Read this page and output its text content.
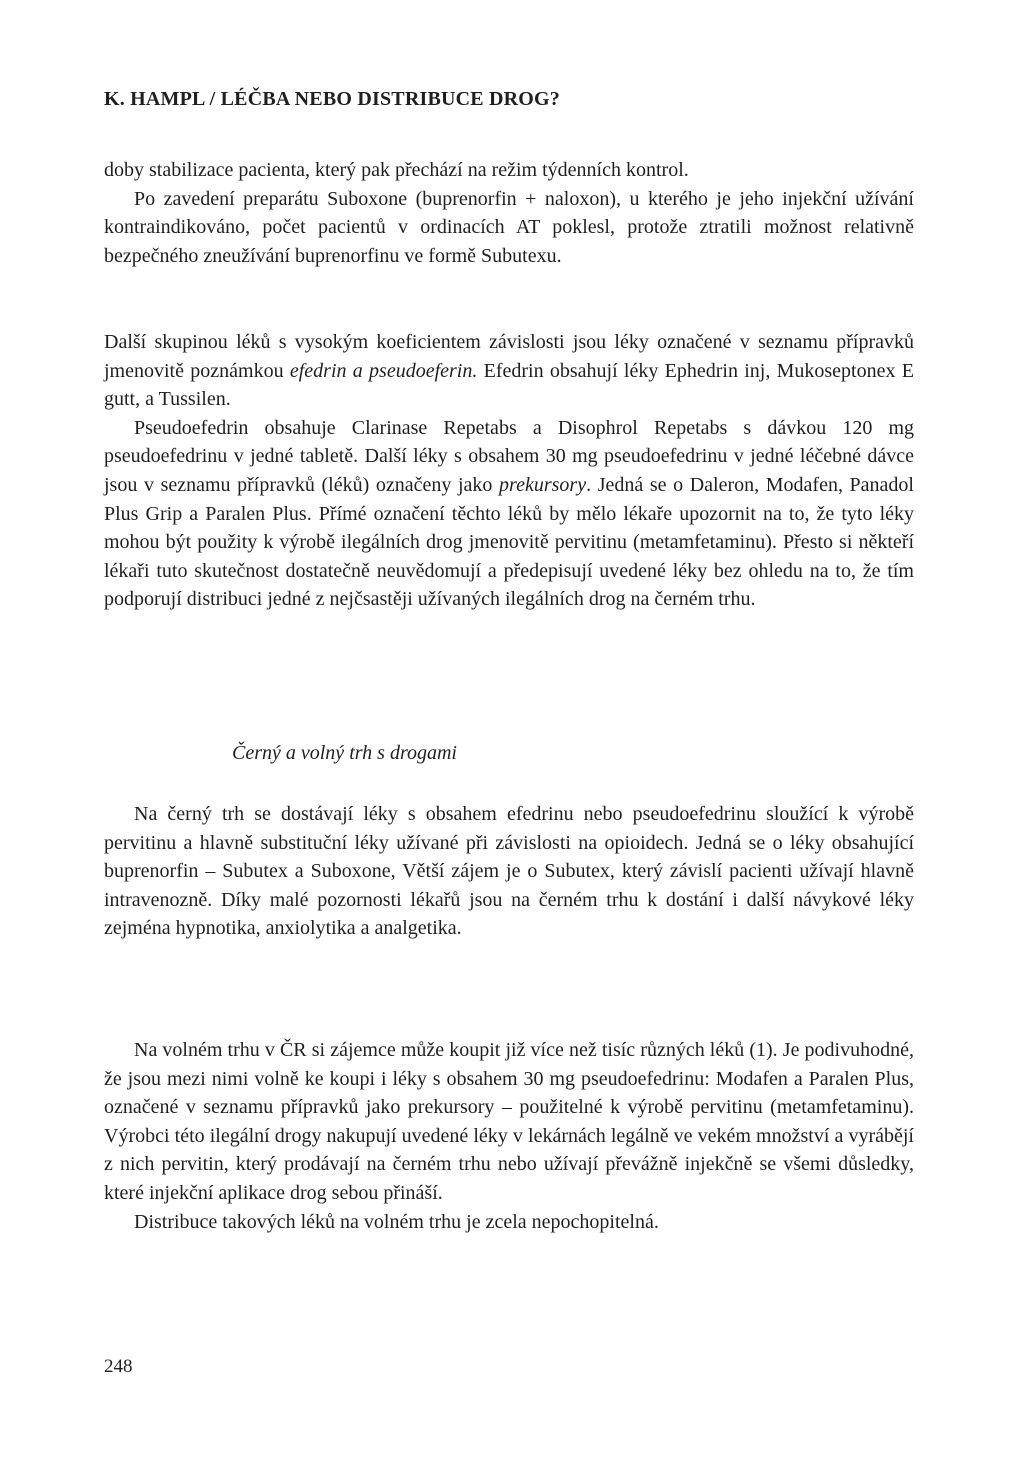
K. HAMPL / LÉČBA NEBO DISTRIBUCE DROG?

doby stabilizace pacienta, který pak přechází na režim týdenních kontrol.

Po zavedení preparátu Suboxone (buprenorfin + naloxon), u kterého je jeho injekční užívání kontraindikováno, počet pacientů v ordinacích AT poklesl, protože ztratili možnost relativně bezpečného zneužívání buprenorfinu ve formě Subutexu.

Další skupinou léků s vysokým koeficientem závislosti jsou léky označené v seznamu přípravků jmenovitě poznámkou efedrin a pseudoeferin. Efedrin obsahují léky Ephedrin inj, Mukoseptonex E gutt, a Tussilen.

Pseudoefedrin obsahuje Clarinase Repetabs a Disophrol Repetabs s dávkou 120 mg pseudoefedrinu v jedné tabletě. Další léky s obsahem 30 mg pseudoefedrinu v jedné léčebné dávce jsou v seznamu přípravků (léků) označeny jako prekursory. Jedná se o Daleron, Modafen, Panadol Plus Grip a Paralen Plus. Přímé označení těchto léků by mělo lékaře upozornit na to, že tyto léky mohou být použity k výrobě ilegálních drog jmenovitě pervitinu (metamfetaminu). Přesto si někteří lékaři tuto skutečnost dostatečně neuvědomují a předepisují uvedené léky bez ohledu na to, že tím podporují distribuci jedné z nejčsastěji užívaných ilegálních drog na černém trhu.

Černý a volný trh s drogami

Na černý trh se dostávají léky s obsahem efedrinu nebo pseudoefedrinu sloužící k výrobě pervitinu a hlavně substituční léky užívané při závislosti na opioidech. Jedná se o léky obsahující buprenorfin – Subutex a Suboxone, Větší zájem je o Subutex, který závislí pacienti užívají hlavně intravenozně. Díky malé pozornosti lékařů jsou na černém trhu k dostání i další návykové léky zejména hypnotika, anxiolytika a analgetika.

Na volném trhu v ČR si zájemce může koupit již více než tisíc různých léků (1). Je podivuhodné, že jsou mezi nimi volně ke koupi i léky s obsahem 30 mg pseudoefedrinu: Modafen a Paralen Plus, označené v seznamu přípravků jako prekursory – použitelné k výrobě pervitinu (metamfetaminu). Výrobci této ilegální drogy nakupují uvedené léky v lekárnách legálně ve vekém množství a vyrábějí z nich pervitin, který prodávají na černém trhu nebo užívají převážně injekčně se všemi důsledky, které injekční aplikace drog sebou přináší.

Distribuce takových léků na volném trhu je zcela nepochopitelná.

248
